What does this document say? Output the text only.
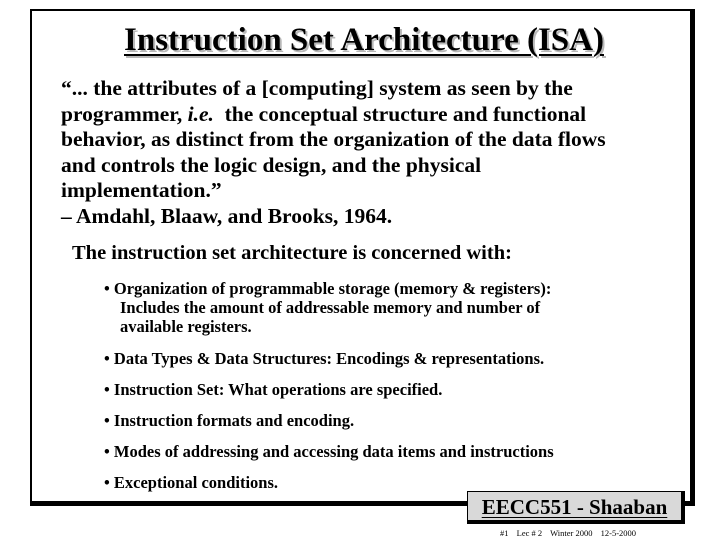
Instruction Set Architecture (ISA)

“... the attributes of a [computing] system as seen by the
programmer, i.e.  the conceptual structure and functional
behavior, as distinct from the organization of the data flows
and controls the logic design, and the physical
implementation.”
– Amdahl, Blaaw, and Brooks, 1964.

The instruction set architecture is concerned with:

• Organization of programmable storage (memory & registers):
Includes the amount of addressable memory and number of
available registers.
• Data Types & Data Structures: Encodings & representations.
• Instruction Set: What operations are specified.
• Instruction formats and encoding.
• Modes of addressing and accessing data items and instructions
• Exceptional conditions.
EECC551 - Shaaban

#1 Lec # 2 Winter 2000 12-5-2000
